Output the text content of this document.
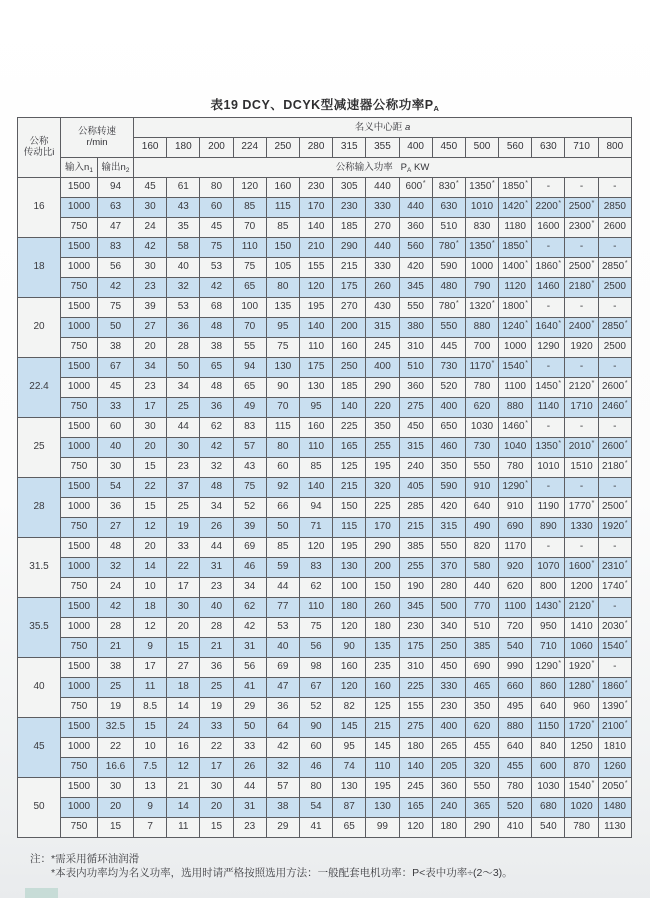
表19 DCY、DCYK型减速器公称功率$P_A$
公称
传动比i

公称转速
r/min
	名义中心距 a
			160	180	200	224	250	280	315	355	400	450	500	560	630	710	800
	输入$n_1$	输出$n_2$	公称输入功率 $P_A$ KW														
16	1500	94	45	61	80	120	160	230	305	440	600*	830*	1350*	1850*	-	-	-
	1000	63	30	43	60	85	115	170	230	330	440	630	1010	1420*	2200*	2500*	2850
	750	47	24	35	45	70	85	140	185	270	360	510	830	1180	1600	2300*	2600
18	1500	83	42	58	75	110	150	210	290	440	560	780*	1350*	1850*	-	-	-
	1000	56	30	40	53	75	105	155	215	330	420	590	1000	1400*	1860*	2500*	2850*
	750	42	23	32	42	65	80	120	175	260	345	480	790	1120	1460	2180*	2500
20	1500	75	39	53	68	100	135	195	270	430	550	780*	1320*	1800*	-	-	-
	1000	50	27	36	48	70	95	140	200	315	380	550	880	1240*	1640*	2400*	2850*
	750	38	20	28	38	55	75	110	160	245	310	445	700	1000	1290	1920	2500
22.4	1500	67	34	50	65	94	130	175	250	400	510	730	1170*	1540*	-	-	-
	1000	45	23	34	48	65	90	130	185	290	360	520	780	1100	1450*	2120*	2600*
	750	33	17	25	36	49	70	95	140	220	275	400	620	880	1140	1710	2460*
25	1500	60	30	44	62	83	115	160	225	350	450	650	1030	1460*	-	-	-
	1000	40	20	30	42	57	80	110	165	255	315	460	730	1040	1350*	2010*	2600*
	750	30	15	23	32	43	60	85	125	195	240	350	550	780	1010	1510	2180*
28	1500	54	22	37	48	75	92	140	215	320	405	590	910	1290*	-	-	-
	1000	36	15	25	34	52	66	94	150	225	285	420	640	910	1190	1770*	2500*
	750	27	12	19	26	39	50	71	115	170	215	315	490	690	890	1330	1920*
31.5	1500	48	20	33	44	69	85	120	195	290	385	550	820	1170	-	-	-
	1000	32	14	22	31	46	59	83	130	200	255	370	580	920	1070	1600*	2310*
	750	24	10	17	23	34	44	62	100	150	190	280	440	620	800	1200	1740*
35.5	1500	42	18	30	40	62	77	110	180	260	345	500	770	1100	1430*	2120*	-
	1000	28	12	20	28	42	53	75	120	180	230	340	510	720	950	1410	2030*
	750	21	9	15	21	31	40	56	90	135	175	250	385	540	710	1060	1540*
40	1500	38	17	27	36	56	69	98	160	235	310	450	690	990	1290*	1920*	-
	1000	25	11	18	25	41	47	67	120	160	225	330	465	660	860	1280*	1860*
	750	19	8.5	14	19	29	36	52	82	125	155	230	350	495	640	960	1390*
45	1500	32.5	15	24	33	50	64	90	145	215	275	400	620	880	1150	1720*	2100*
	1000	22	10	16	22	33	42	60	95	145	180	265	455	640	840	1250	1810
	750	16.6	7.5	12	17	26	32	46	74	110	140	205	320	455	600	870	1260
50	1500	30	13	21	30	44	57	80	130	195	245	360	550	780	1030	1540*	2050*
	1000	20	9	14	20	31	38	54	87	130	165	240	365	520	680	1020	1480
	750	15	7	11	15	23	29	41	65	99	120	180	290	410	540	780	1130
注： *需采用循环油润滑
*本表内功率均为名义功率，选用时请严格按照选用方法：一般配套电机功率：P<表中功率÷(2～3)。
